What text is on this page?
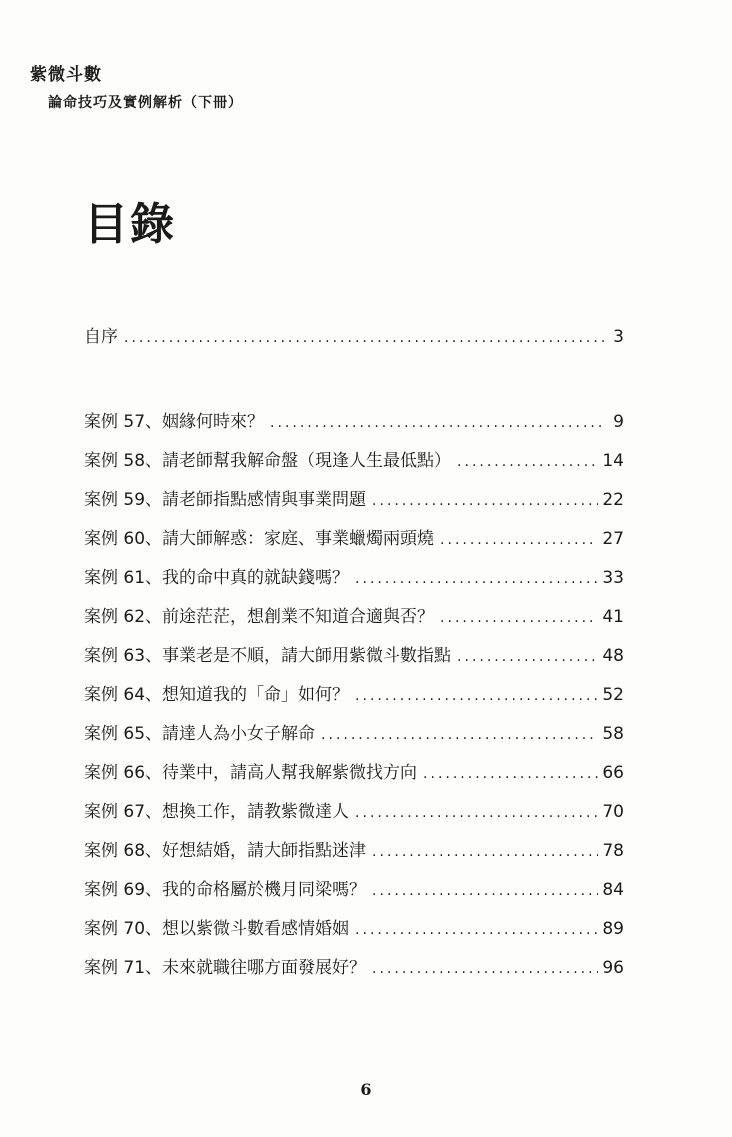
紫微斗數
論命技巧及實例解析（下冊）
目錄
自序 .....	3
案例 57、姻緣何時來？ .....	9
案例 58、請老師幫我解命盤（現逢人生最低點） .....	14
案例 59、請老師指點感情與事業問題 .....	22
案例 60、請大師解惑：家庭、事業蠟燭兩頭燒 .....	27
案例 61、我的命中真的就缺錢嗎？ .....	33
案例 62、前途茫茫，想創業不知道合適與否？ .....	41
案例 63、事業老是不順，請大師用紫微斗數指點 .....	48
案例 64、想知道我的「命」如何？ .....	52
案例 65、請達人為小女子解命 .....	58
案例 66、待業中，請高人幫我解紫微找方向 .....	66
案例 67、想換工作，請教紫微達人 .....	70
案例 68、好想結婚，請大師指點迷津 .....	78
案例 69、我的命格屬於機月同梁嗎？ .....	84
案例 70、想以紫微斗數看感情婚姻 .....	89
案例 71、未來就職往哪方面發展好？ .....	96
6
